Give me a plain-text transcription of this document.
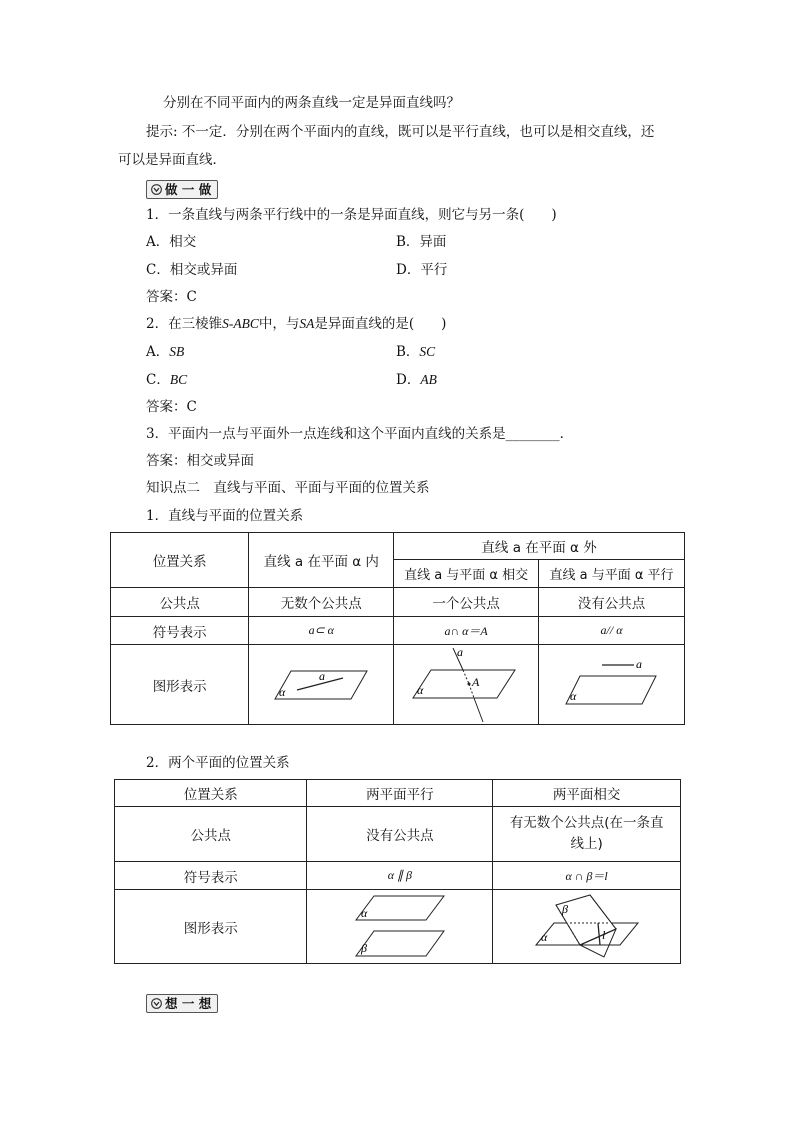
分别在不同平面内的两条直线一定是异面直线吗？
提示: 不一定．分别在两个平面内的直线，既可以是平行直线，也可以是相交直线，还
可以是异面直线．
做 一 做
1．一条直线与两条平行线中的一条是异面直线，则它与另一条(　　)
A．相交	B．异面
C．相交或异面	D．平行
答案：C
2．在三棱锥S-ABC中，与SA是异面直线的是(　　)
A．SB	B．SC
C．BC	D．AB
答案：C
3．平面内一点与平面外一点连线和这个平面内直线的关系是________．
答案：相交或异面
知识点二　直线与平面、平面与平面的位置关系
1．直线与平面的位置关系
位置关系	直线 a 在平面 α 内	直线 a 在平面 α 外	
		直线 a 与平面 α 相交	直线 a 与平面 α 平行
公共点	无数个公共点	一个公共点	没有公共点
符号表示	a⊂ α	a∩ α＝A	a// α
图形表示	a
α	a
A
α	a
α
2．两个平面的位置关系
位置关系	两平面平行	两平面相交
公共点	没有公共点	有无数个公共点(在一条直
线上)

符号表示	α ∥ β	α ∩ β＝l
图形表示	α
β	β
α l
想 一 想
